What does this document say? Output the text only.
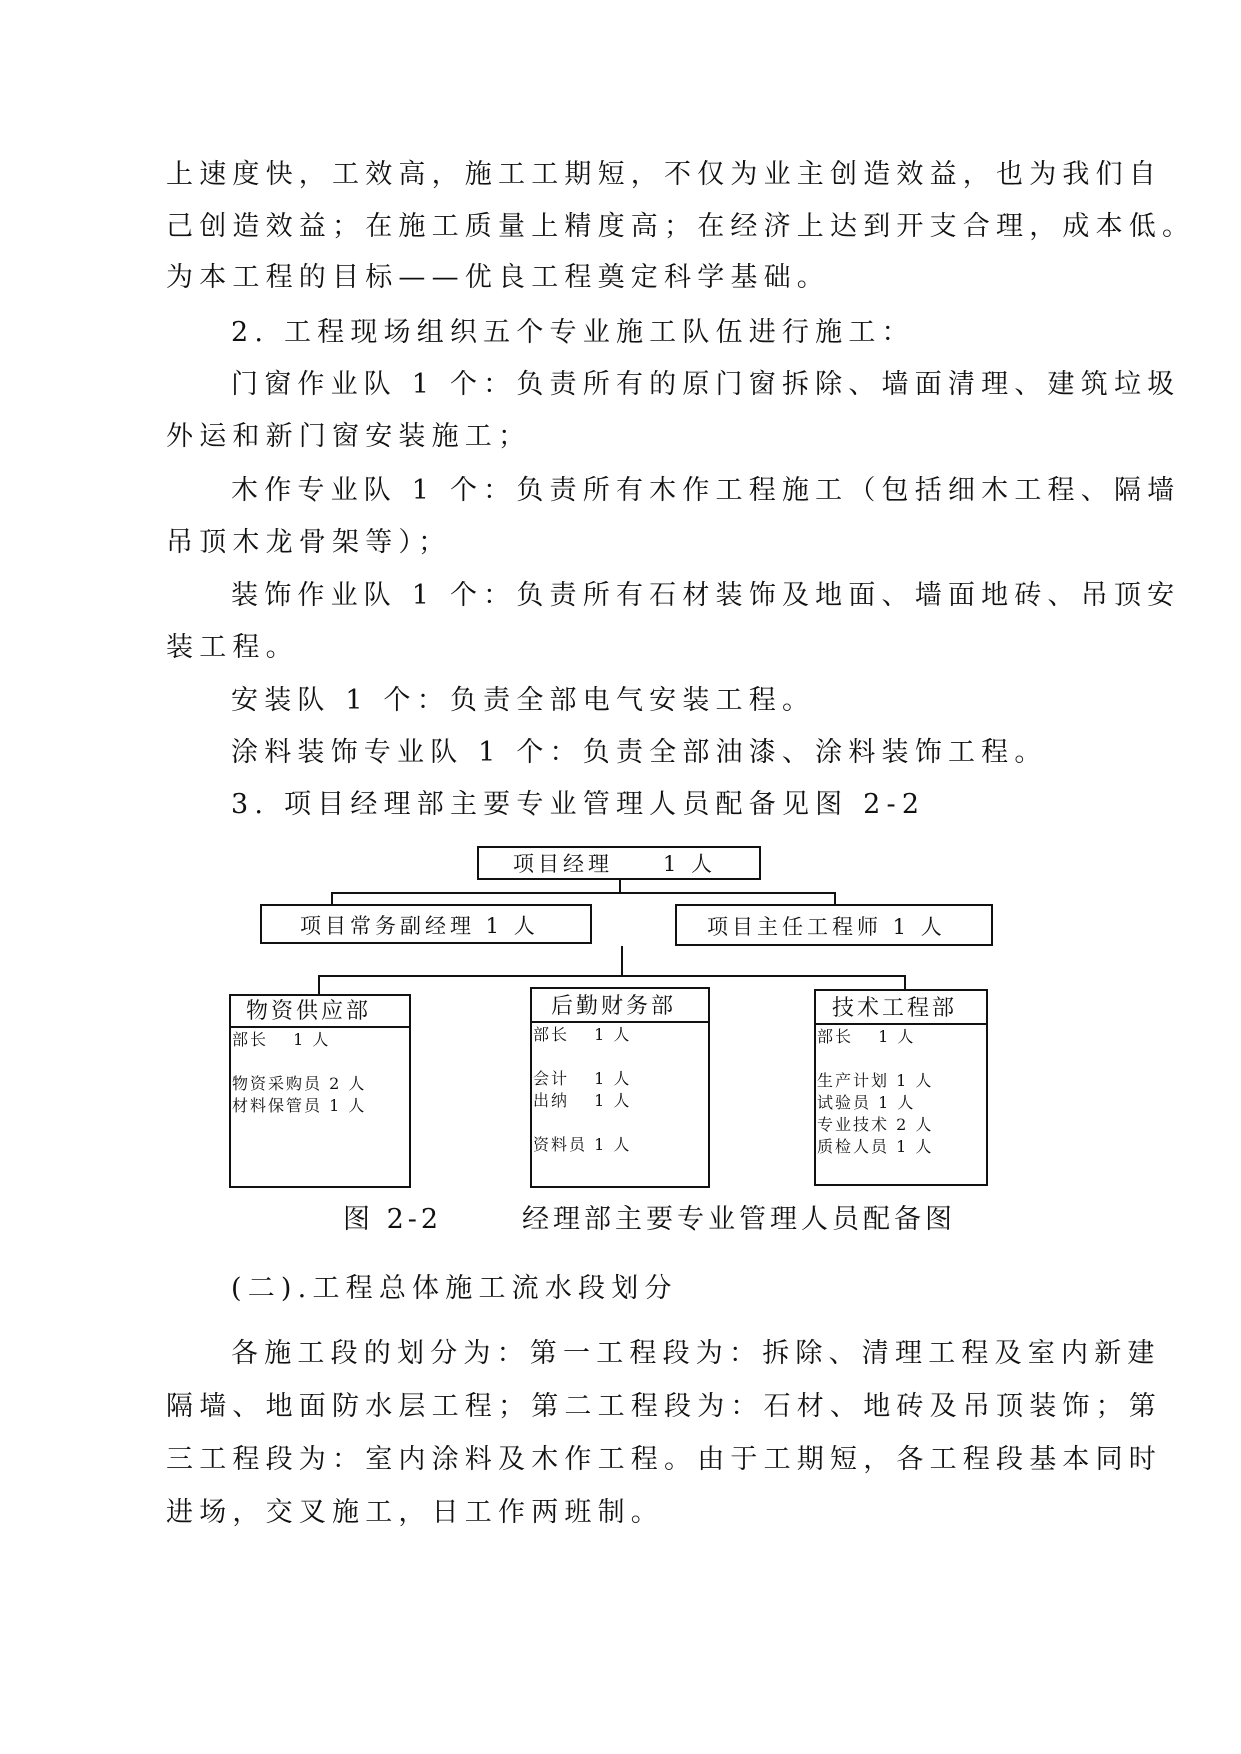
上速度快，工效高，施工工期短，不仅为业主创造效益，也为我们自
己创造效益；在施工质量上精度高；在经济上达到开支合理，成本低。
为本工程的目标——优良工程奠定科学基础。
2. 工程现场组织五个专业施工队伍进行施工：
门窗作业队 1 个：负责所有的原门窗拆除、墙面清理、建筑垃圾
外运和新门窗安装施工；
木作专业队 1 个：负责所有木作工程施工（包括细木工程、隔墙
吊顶木龙骨架等）；
装饰作业队 1 个：负责所有石材装饰及地面、墙面地砖、吊顶安
装工程。
安装队 1 个：负责全部电气安装工程。
涂料装饰专业队 1 个：负责全部油漆、涂料装饰工程。
3. 项目经理部主要专业管理人员配备见图 2-2
项目经理　　1 人
项目常务副经理 1 人	项目主任工程师 1 人
物资供应部
部长　 1 人
物资采购员 2 人
材料保管员 1 人
后勤财务部
部长　 1 人
会计　 1 人
出纳　 1 人
资料员 1 人
技术工程部
部长　 1 人
生产计划 1 人
试验员 1 人
专业技术 2 人
质检人员 1 人
图 2-2	经理部主要专业管理人员配备图
(二).工程总体施工流水段划分
各施工段的划分为：第一工程段为：拆除、清理工程及室内新建
隔墙、地面防水层工程；第二工程段为：石材、地砖及吊顶装饰；第
三工程段为：室内涂料及木作工程。由于工期短，各工程段基本同时
进场，交叉施工，日工作两班制。
